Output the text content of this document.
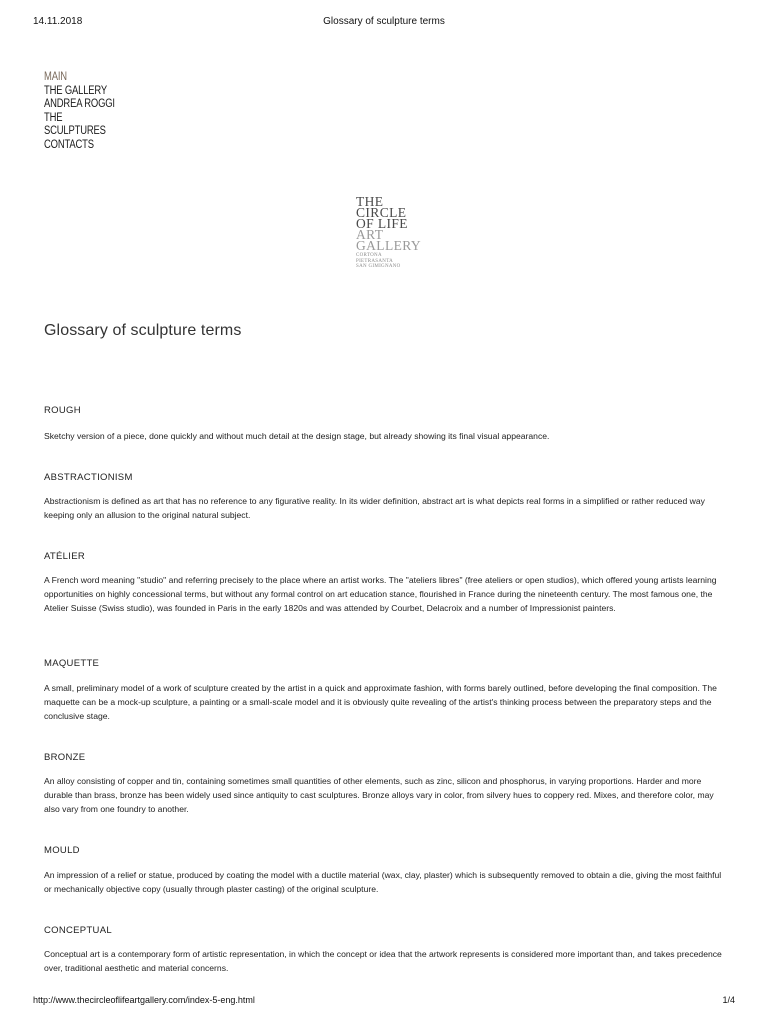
14.11.2018	Glossary of sculpture terms
MAIN
THE GALLERY
ANDREA ROGGI
THE
SCULPTURES
CONTACTS
THE
CIRCLE
OF LIFE
ART
GALLERY
CORTONA
PIETRASANTA
SAN GIMIGNANO
Glossary of sculpture terms
ROUGH

Sketchy version of a piece, done quickly and without much detail at the design stage, but already showing its final visual appearance.

ABSTRACTIONISM

Abstractionism is defined as art that has no reference to any figurative reality. In its wider definition, abstract art is what depicts real forms in a simplified or rather reduced way keeping only an allusion to the original natural subject.

ATÉLIER

A French word meaning "studio" and referring precisely to the place where an artist works. The "ateliers libres" (free ateliers or open studios), which offered young artists learning opportunities on highly concessional terms, but without any formal control on art education stance, flourished in France during the nineteenth century. The most famous one, the Atelier Suisse (Swiss studio), was founded in Paris in the early 1820s and was attended by Courbet, Delacroix and a number of Impressionist painters.

MAQUETTE

A small, preliminary model of a work of sculpture created by the artist in a quick and approximate fashion, with forms barely outlined, before developing the final composition. The maquette can be a mock-up sculpture, a painting or a small-scale model and it is obviously quite revealing of the artist's thinking process between the preparatory steps and the conclusive stage.

BRONZE

An alloy consisting of copper and tin, containing sometimes small quantities of other elements, such as zinc, silicon and phosphorus, in varying proportions. Harder and more durable than brass, bronze has been widely used since antiquity to cast sculptures. Bronze alloys vary in color, from silvery hues to coppery red. Mixes, and therefore color, may also vary from one foundry to another.

MOULD

An impression of a relief or statue, produced by coating the model with a ductile material (wax, clay, plaster) which is subsequently removed to obtain a die, giving the most faithful or mechanically objective copy (usually through plaster casting) of the original sculpture.

CONCEPTUAL

Conceptual art is a contemporary form of artistic representation, in which the concept or idea that the artwork represents is considered more important than, and takes precedence over, traditional aesthetic and material concerns.

http://www.thecircleoflifeartgallery.com/index-5-eng.html	1/4
